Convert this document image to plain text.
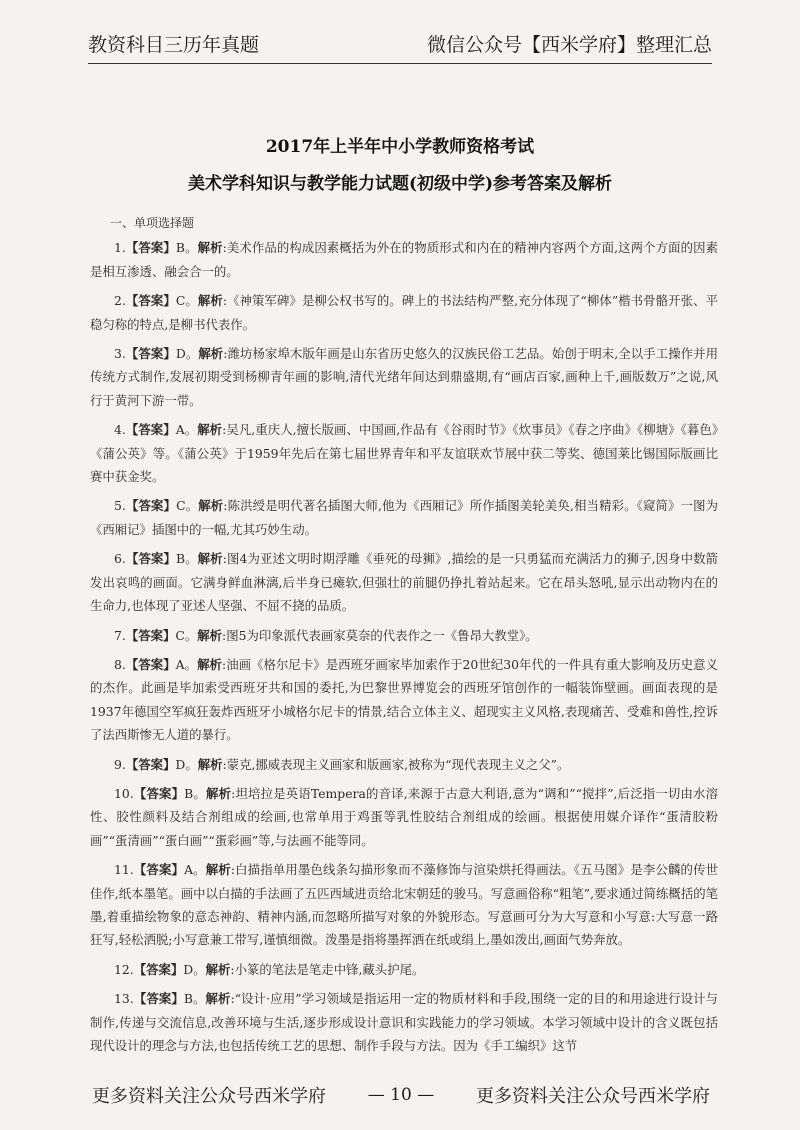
教资科目三历年真题	微信公众号【西米学府】整理汇总
2017年上半年中小学教师资格考试
美术学科知识与教学能力试题(初级中学)参考答案及解析
一、单项选择题

1.【答案】B。解析:美术作品的构成因素概括为外在的物质形式和内在的精神内容两个方面,这两个方面的因素是相互渗透、融会合一的。

2.【答案】C。解析:《神策军碑》是柳公权书写的。碑上的书法结构严整,充分体现了“柳体”楷书骨骼开张、平稳匀称的特点,是柳书代表作。

3.【答案】D。解析:潍坊杨家埠木版年画是山东省历史悠久的汉族民俗工艺品。始创于明末,全以手工操作并用传统方式制作,发展初期受到杨柳青年画的影响,清代光绪年间达到鼎盛期,有“画店百家,画种上千,画版数万”之说,风行于黄河下游一带。

4.【答案】A。解析:吴凡,重庆人,擅长版画、中国画,作品有《谷雨时节》《炊事员》《春之序曲》《柳塘》《暮色》《蒲公英》等。《蒲公英》于1959年先后在第七届世界青年和平友谊联欢节展中获二等奖、德国莱比锡国际版画比赛中获金奖。

5.【答案】C。解析:陈洪绶是明代著名插图大师,他为《西厢记》所作插图美轮美奂,相当精彩。《窥简》一图为《西厢记》插图中的一幅,尤其巧妙生动。

6.【答案】B。解析:图4为亚述文明时期浮雕《垂死的母狮》,描绘的是一只勇猛而充满活力的狮子,因身中数箭发出哀鸣的画面。它满身鲜血淋漓,后半身已瘫软,但强壮的前腿仍挣扎着站起来。它在昂头怒吼,显示出动物内在的生命力,也体现了亚述人坚强、不屈不挠的品质。

7.【答案】C。解析:图5为印象派代表画家莫奈的代表作之一《鲁昂大教堂》。

8.【答案】A。解析:油画《格尔尼卡》是西班牙画家毕加索作于20世纪30年代的一件具有重大影响及历史意义的杰作。此画是毕加索受西班牙共和国的委托,为巴黎世界博览会的西班牙馆创作的一幅装饰壁画。画面表现的是1937年德国空军疯狂轰炸西班牙小城格尔尼卡的情景,结合立体主义、超现实主义风格,表现痛苦、受难和兽性,控诉了法西斯惨无人道的暴行。

9.【答案】D。解析:蒙克,挪威表现主义画家和版画家,被称为“现代表现主义之父”。

10.【答案】B。解析:坦培拉是英语Tempera的音译,来源于古意大利语,意为“调和”“搅拌”,后泛指一切由水溶性、胶性颜料及结合剂组成的绘画,也常单用于鸡蛋等乳性胶结合剂组成的绘画。根据使用媒介译作“蛋清胶粉画”“蛋清画”“蛋白画”“蛋彩画”等,与法画不能等同。

11.【答案】A。解析:白描指单用墨色线条勾描形象而不藻修饰与渲染烘托得画法。《五马图》是李公麟的传世佳作,纸本墨笔。画中以白描的手法画了五匹西域进贡给北宋朝廷的骏马。写意画俗称“粗笔”,要求通过简练概括的笔墨,着重描绘物象的意态神韵、精神内涵,而忽略所描写对象的外貌形态。写意画可分为大写意和小写意:大写意一路狂写,轻松洒脱;小写意兼工带写,谨慎细微。泼墨是指将墨挥洒在纸或绢上,墨如泼出,画面气势奔放。

12.【答案】D。解析:小篆的笔法是笔走中锋,藏头护尾。

13.【答案】B。解析:“设计·应用”学习领域是指运用一定的物质材料和手段,围绕一定的目的和用途进行设计与制作,传递与交流信息,改善环境与生活,逐步形成设计意识和实践能力的学习领域。本学习领域中设计的含义既包括现代设计的理念与方法,也包括传统工艺的思想、制作手段与方法。因为《手工编织》这节

更多资料关注公众号西米学府 — 10 — 更多资料关注公众号西米学府
